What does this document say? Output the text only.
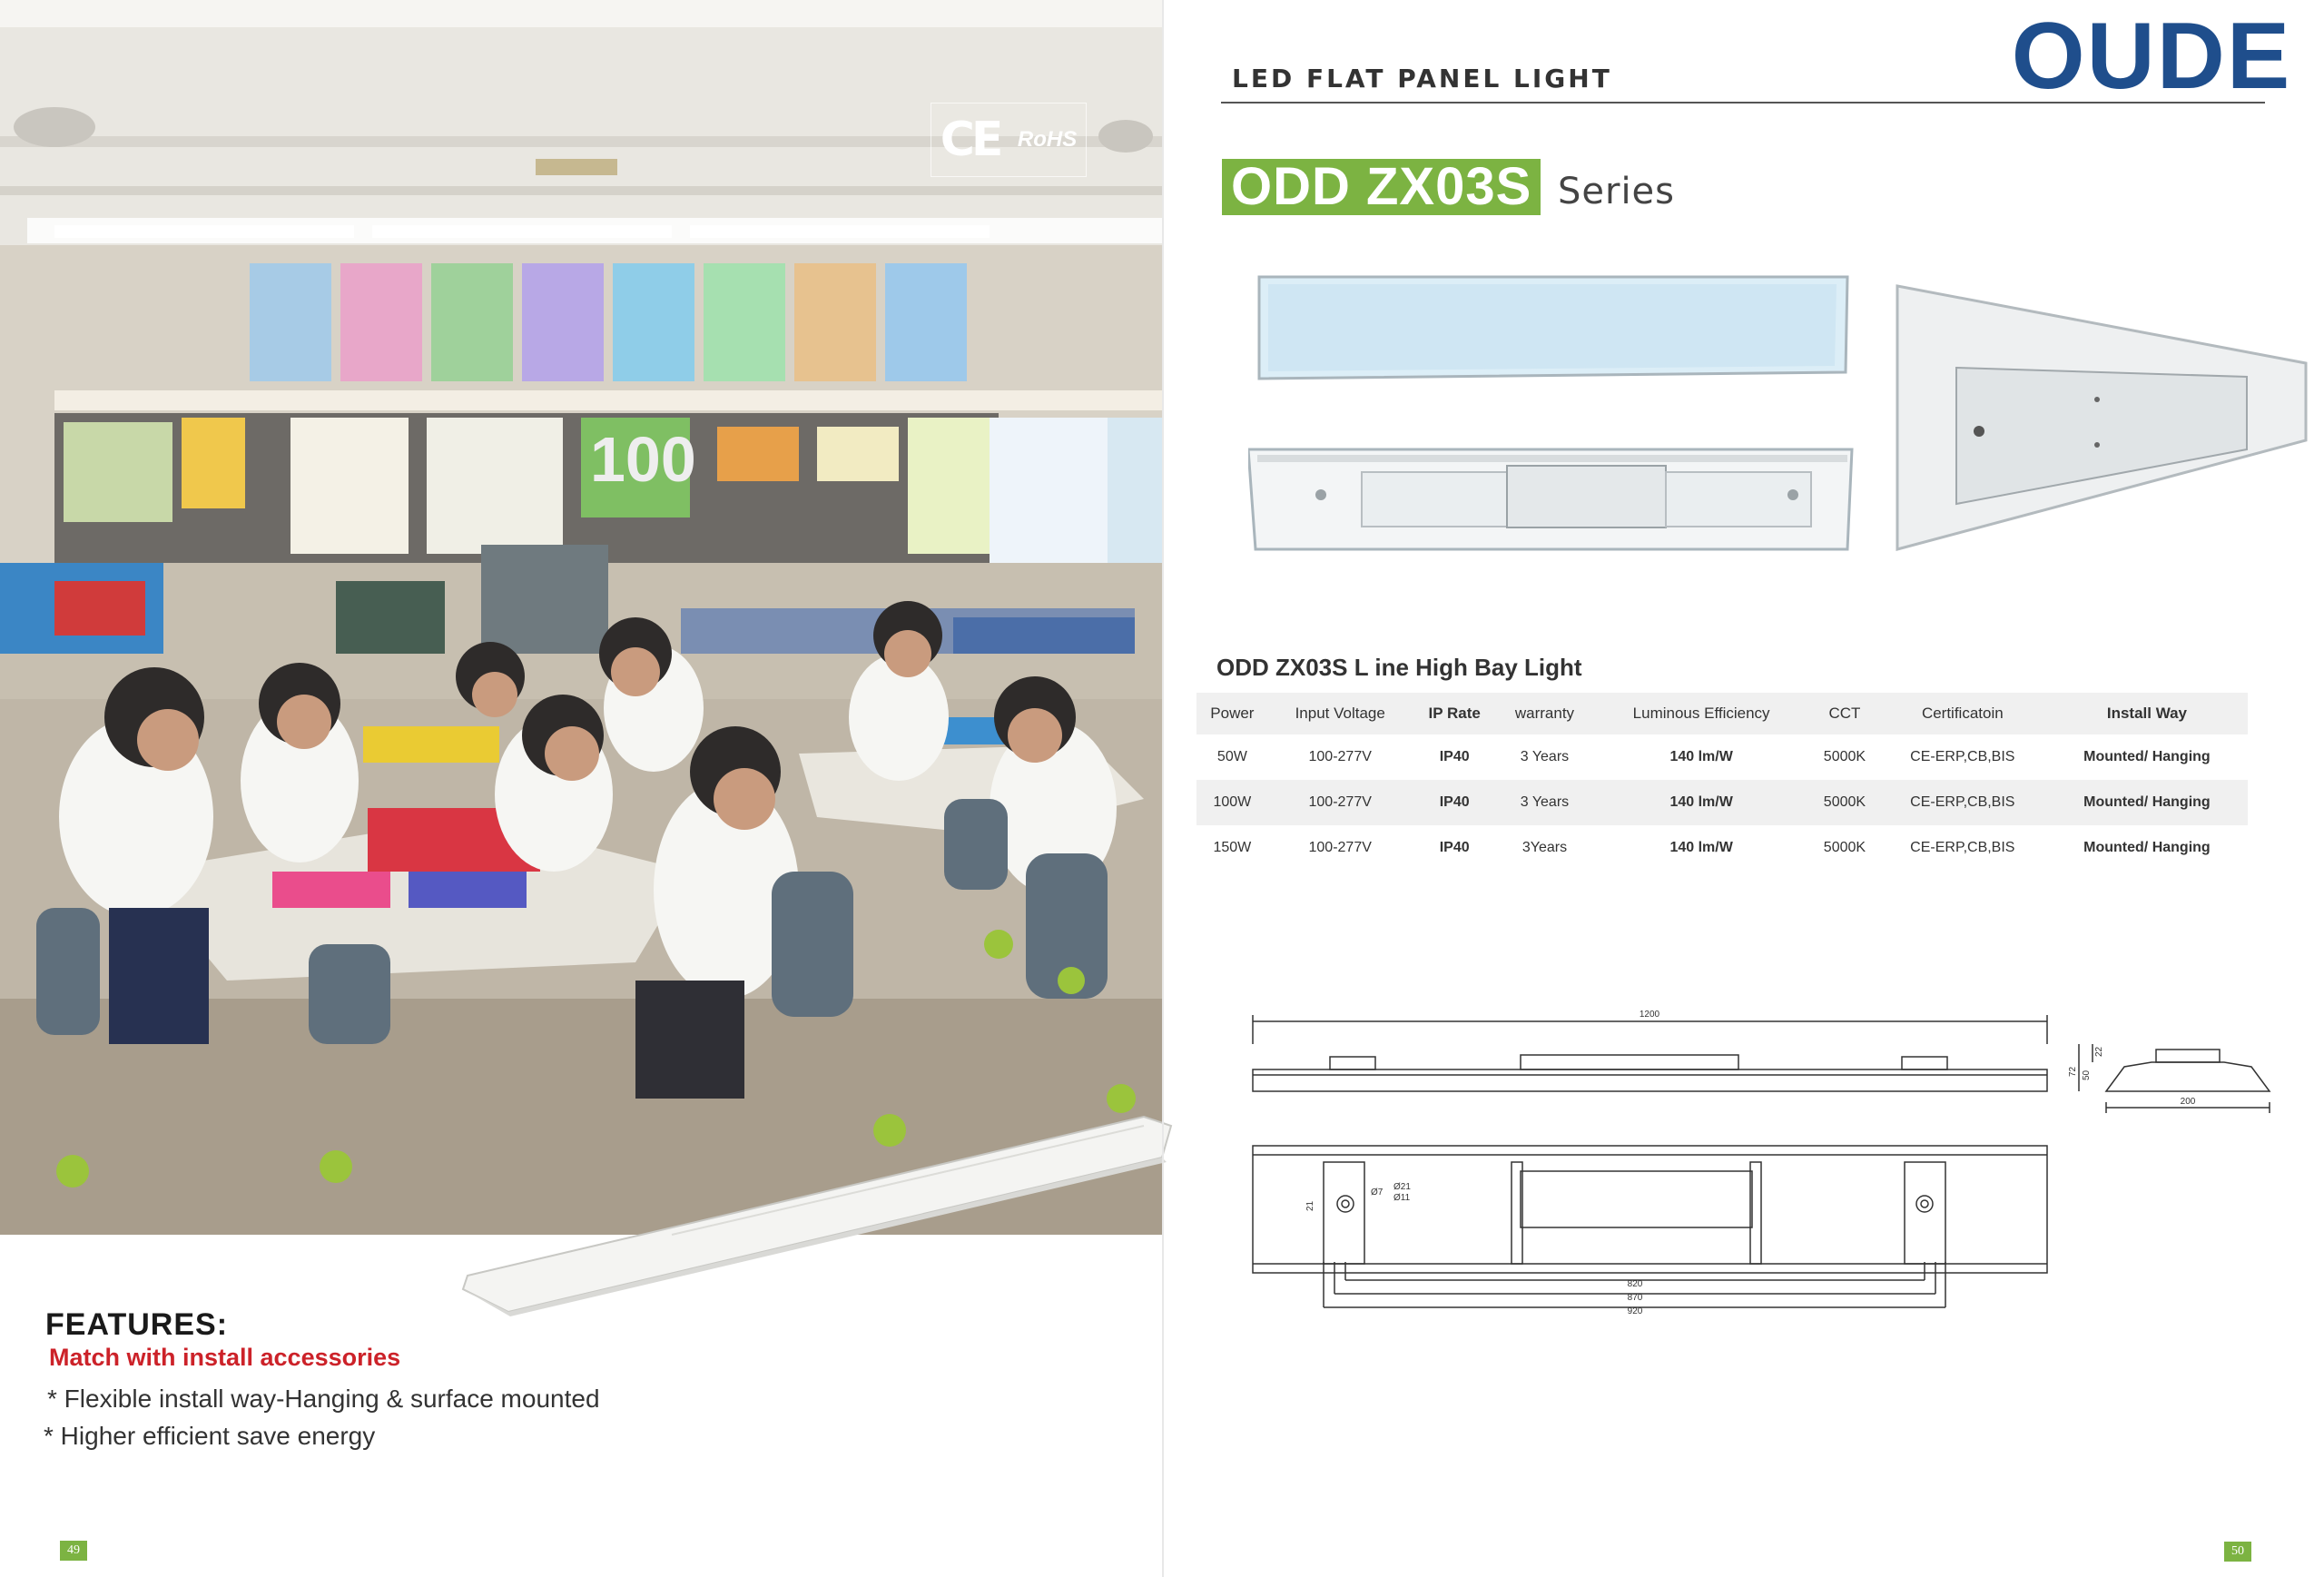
100
CE RoHS
FEATURES:
Match with install accessories
* Flexible install way-Hanging & surface mounted
* Higher efficient save energy
49
LED FLAT PANEL LIGHT	OUDE
ODD ZX03S Series
ODD ZX03S L ine High Bay Light
Power	Input Voltage	IP Rate	warranty	Luminous Efficiency	CCT	Certificatoin	Install Way
50W	100-277V	IP40	3 Years	140 lm/W	5000K	CE-ERP,CB,BIS	Mounted/ Hanging
100W	100-277V	IP40	3 Years	140 lm/W	5000K	CE-ERP,CB,BIS	Mounted/ Hanging
150W	100-277V	IP40	3Years	140 lm/W	5000K	CE-ERP,CB,BIS	Mounted/ Hanging
1200
200
72 50
22
Ø7
Ø21
Ø11
21
820
870
920
50
